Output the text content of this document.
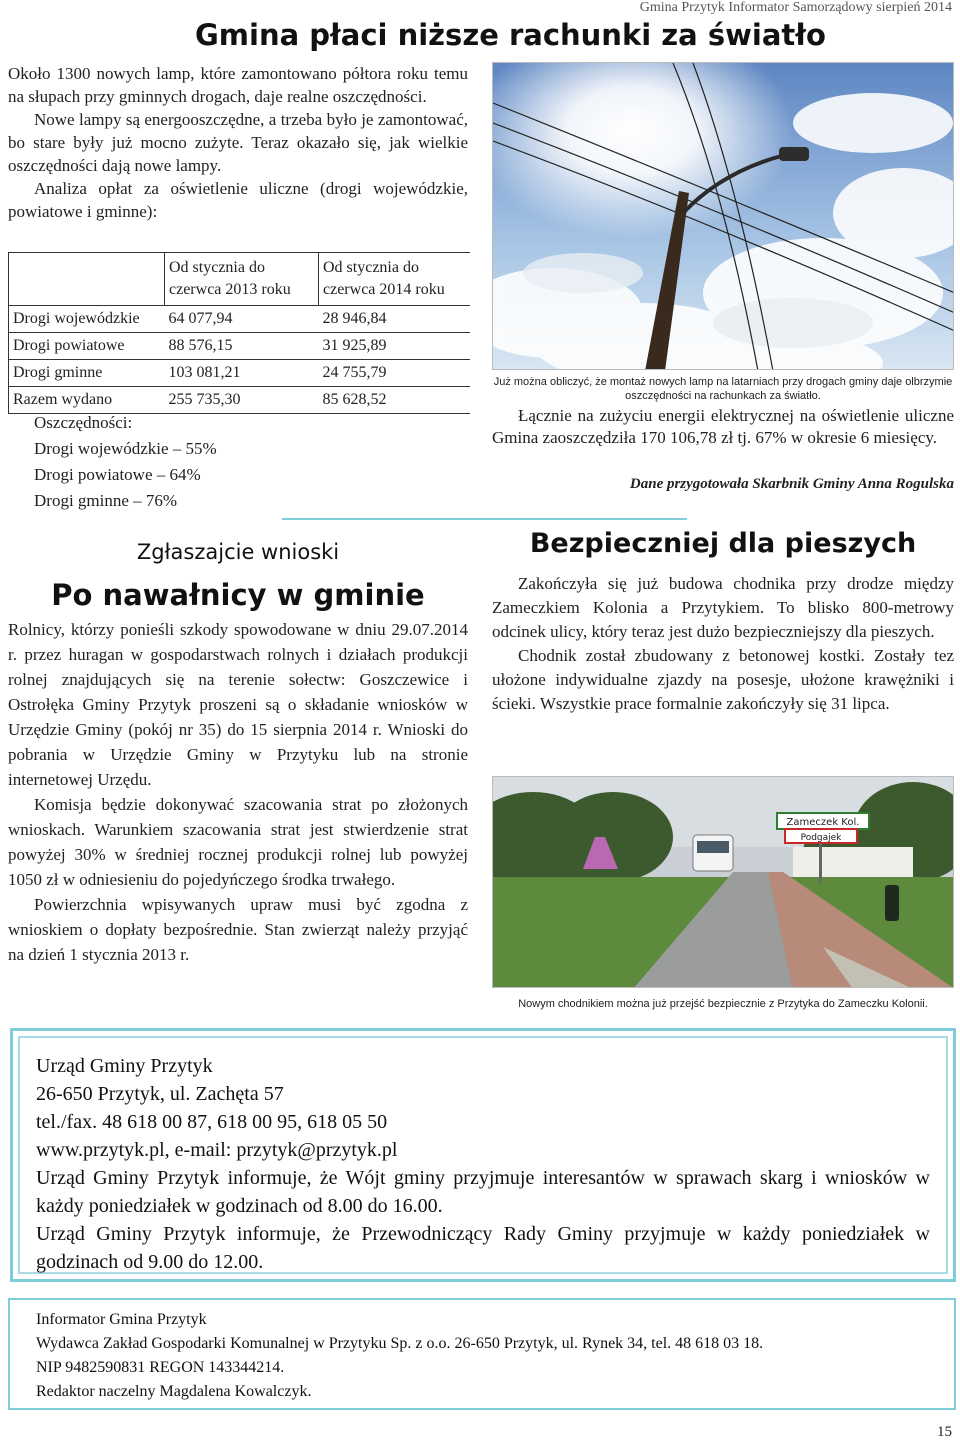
Gmina Przytyk Informator Samorządowy sierpień 2014
Gmina płaci niższe rachunki za światło

Około 1300 nowych lamp, które zamontowano półtora roku temu na słupach przy gminnych drogach, daje realne oszczędności.

Nowe lampy są energooszczędne, a trzeba było je zamontować, bo stare były już mocno zużyte. Teraz okazało się, jak wielkie oszczędności dają nowe lampy.

Analiza opłat za oświetlenie uliczne (drogi wojewódzkie, powiatowe i gminne):

	Od stycznia do czerwca 2013 roku	Od stycznia do czerwca 2014 roku
Drogi wojewódzkie	64 077,94	28 946,84
Drogi powiatowe	88 576,15	31 925,89
Drogi gminne	103 081,21	24 755,79
Razem wydano	255 735,30	85 628,52
Oszczędności:
Drogi wojewódzkie – 55%
Drogi powiatowe – 64%
Drogi gminne – 76%
Już można obliczyć, że montaż nowych lamp na latarniach przy drogach gminy daje olbrzymie oszczędności na rachunkach za światło.

Łącznie na zużyciu energii elektrycznej na oświetlenie uliczne Gmina zaoszczędziła 170 106,78 zł tj. 67% w okresie 6 miesięcy.

Dane przygotowała Skarbnik Gminy Anna Rogulska
Zgłaszajcie wnioski
Po nawałnicy w gminie

Rolnicy, którzy ponieśli szkody spowodowane w dniu 29.07.2014 r. przez huragan w gospodarstwach rolnych i działach produkcji rolnej znajdujących się na terenie sołectw: Goszczewice i Ostrołęka Gminy Przytyk proszeni są o składanie wniosków w Urzędzie Gminy (pokój nr 35) do 15 sierpnia 2014 r. Wnioski do pobrania w Urzędzie Gminy w Przytyku lub na stronie internetowej Urzędu.

Komisja będzie dokonywać szacowania strat po złożonych wnioskach. Warunkiem szacowania strat jest stwierdzenie strat powyżej 30% w średniej rocznej produkcji rolnej lub powyżej 1050 zł w odniesieniu do pojedyńczego środka trwałego.

Powierzchnia wpisywanych upraw musi być zgodna z wnioskiem o dopłaty bezpośrednie. Stan zwierząt należy przyjąć na dzień 1 stycznia 2013 r.

Bezpieczniej dla pieszych

Zakończyła się już budowa chodnika przy drodze między Zameczkiem Kolonia a Przytykiem. To blisko 800-metrowy odcinek ulicy, który teraz jest dużo bezpieczniejszy dla pieszych.

Chodnik został zbudowany z betonowej kostki. Zostały tez ułożone indywidualne zjazdy na posesje, ułożone krawężniki i ścieki. Wszystkie prace formalnie zakończyły się 31 lipca.

Zameczek Kol.
Podgajek
Nowym chodnikiem można już przejść bezpiecznie z Przytyka do Zameczku Kolonii.
Urząd Gminy Przytyk
26-650 Przytyk, ul. Zachęta 57
tel./fax. 48 618 00 87, 618 00 95, 618 05 50
www.przytyk.pl, e-mail: przytyk@przytyk.pl
Urząd Gminy Przytyk informuje, że Wójt gminy przyjmuje interesantów w sprawach skarg i wniosków w każdy poniedziałek w godzinach od 8.00 do 16.00.
Urząd Gminy Przytyk informuje, że Przewodniczący Rady Gminy przyjmuje w każdy poniedziałek w godzinach od 9.00 do 12.00.
Informator Gmina Przytyk
Wydawca Zakład Gospodarki Komunalnej w Przytyku Sp. z o.o. 26-650 Przytyk, ul. Rynek 34, tel. 48 618 03 18.
NIP 9482590831 REGON 143344214.
Redaktor naczelny Magdalena Kowalczyk.
15
